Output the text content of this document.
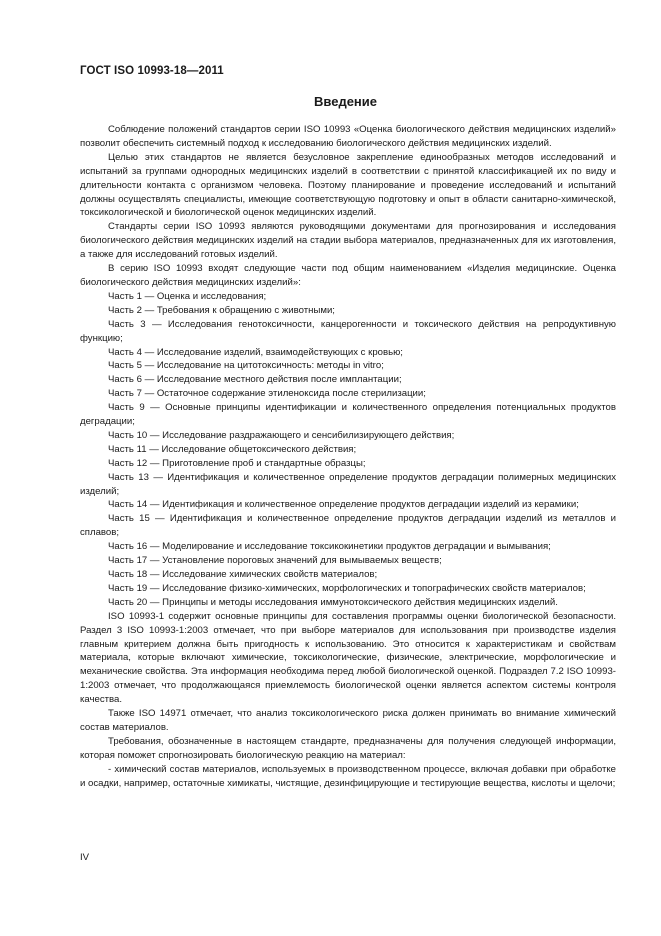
ГОСТ ISO 10993-18—2011
Введение

Соблюдение положений стандартов серии ISO 10993 «Оценка биологического действия медицинских изделий» позволит обеспечить системный подход к исследованию биологического действия медицинских изделий.

Целью этих стандартов не является безусловное закрепление единообразных методов исследований и испытаний за группами однородных медицинских изделий в соответствии с принятой классификацией их по виду и длительности контакта с организмом человека. Поэтому планирование и проведение исследований и испытаний должны осуществлять специалисты, имеющие соответствующую подготовку и опыт в области санитарно-химической, токсикологической и биологической оценок медицинских изделий.

Стандарты серии ISO 10993 являются руководящими документами для прогнозирования и исследования биологического действия медицинских изделий на стадии выбора материалов, предназначенных для их изготовления, а также для исследований готовых изделий.

В серию ISO 10993 входят следующие части под общим наименованием «Изделия медицинские. Оценка биологического действия медицинских изделий»:

Часть 1 — Оценка и исследования;

Часть 2 — Требования к обращению с животными;

Часть 3 — Исследования генотоксичности, канцерогенности и токсического действия на репродуктивную функцию;

Часть 4 — Исследование изделий, взаимодействующих с кровью;

Часть 5 — Исследование на цитотоксичность: методы in vitro;

Часть 6 — Исследование местного действия после имплантации;

Часть 7 — Остаточное содержание этиленоксида после стерилизации;

Часть 9 — Основные принципы идентификации и количественного определения потенциальных продуктов деградации;

Часть 10 — Исследование раздражающего и сенсибилизирующего действия;

Часть 11 — Исследование общетоксического действия;

Часть 12 — Приготовление проб и стандартные образцы;

Часть 13 — Идентификация и количественное определение продуктов деградации полимерных медицинских изделий;

Часть 14 — Идентификация и количественное определение продуктов деградации изделий из керамики;

Часть 15 — Идентификация и количественное определение продуктов деградации изделий из металлов и сплавов;

Часть 16 — Моделирование и исследование токсикокинетики продуктов деградации и вымывания;

Часть 17 — Установление пороговых значений для вымываемых веществ;

Часть 18 — Исследование химических свойств материалов;

Часть 19 — Исследование физико-химических, морфологических и топографических свойств материалов;

Часть 20 — Принципы и методы исследования иммунотоксического действия медицинских изделий.

ISO 10993-1 содержит основные принципы для составления программы оценки биологической безопасности. Раздел 3 ISO 10993-1:2003 отмечает, что при выборе материалов для использования при производстве изделия главным критерием должна быть пригодность к использованию. Это относится к характеристикам и свойствам материала, которые включают химические, токсикологические, физические, электрические, морфологические и механические свойства. Эта информация необходима перед любой биологической оценкой. Подраздел 7.2 ISO 10993-1:2003 отмечает, что продолжающаяся приемлемость биологической оценки является аспектом системы контроля качества.

Также ISO 14971 отмечает, что анализ токсикологического риска должен принимать во внимание химический состав материалов.

Требования, обозначенные в настоящем стандарте, предназначены для получения следующей информации, которая поможет спрогнозировать биологическую реакцию на материал:

- химический состав материалов, используемых в производственном процессе, включая добавки при обработке и осадки, например, остаточные химикаты, чистящие, дезинфицирующие и тестирующие вещества, кислоты и щелочи;

IV
